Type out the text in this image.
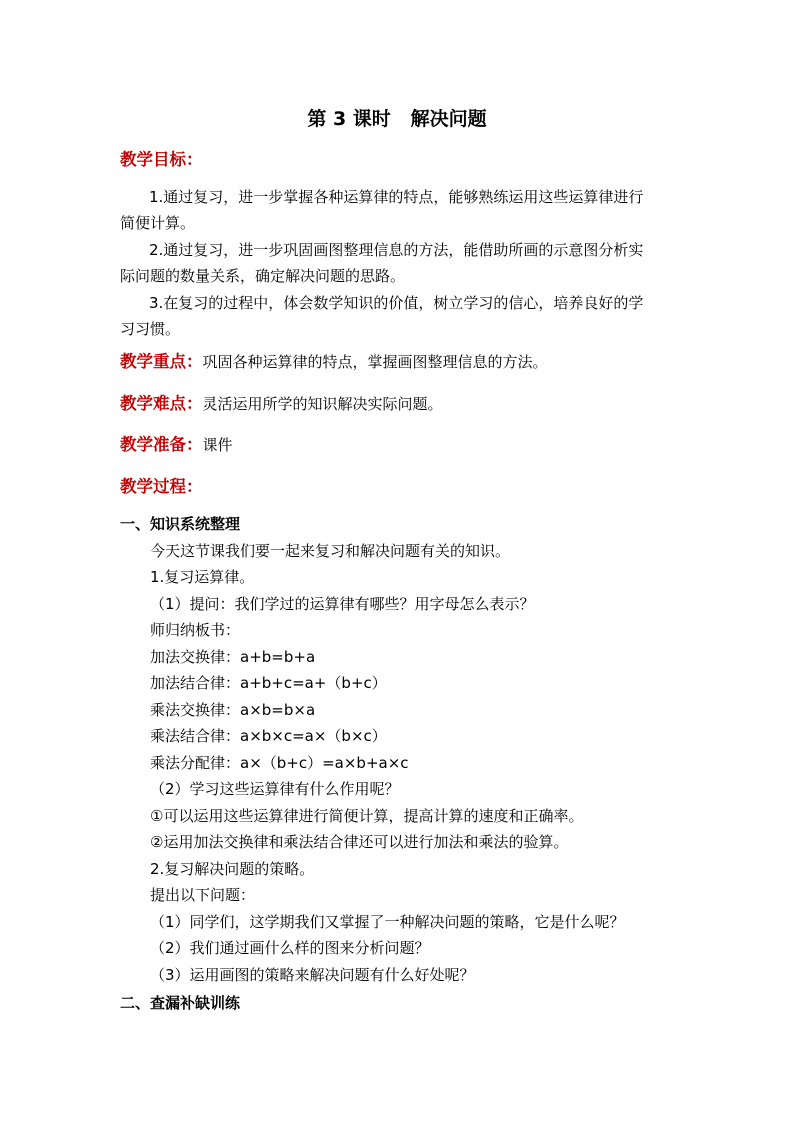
第 3 课时   解决问题
教学目标：
1.通过复习，进一步掌握各种运算律的特点，能够熟练运用这些运算律进行
简便计算。
2.通过复习，进一步巩固画图整理信息的方法，能借助所画的示意图分析实
际问题的数量关系，确定解决问题的思路。
3.在复习的过程中，体会数学知识的价值，树立学习的信心，培养良好的学
习习惯。
教学重点：巩固各种运算律的特点，掌握画图整理信息的方法。
教学难点：灵活运用所学的知识解决实际问题。
教学准备：课件
教学过程：
一、知识系统整理
今天这节课我们要一起来复习和解决问题有关的知识。
1.复习运算律。
（1）提问：我们学过的运算律有哪些？用字母怎么表示？
师归纳板书：
加法交换律：a+b=b+a
加法结合律：a+b+c=a+（b+c）
乘法交换律：a×b=b×a
乘法结合律：a×b×c=a×（b×c）
乘法分配律：a×（b+c）=a×b+a×c
（2）学习这些运算律有什么作用呢？
①可以运用这些运算律进行简便计算，提高计算的速度和正确率。
②运用加法交换律和乘法结合律还可以进行加法和乘法的验算。
2.复习解决问题的策略。
提出以下问题：
（1）同学们，这学期我们又掌握了一种解决问题的策略，它是什么呢？
（2）我们通过画什么样的图来分析问题？
（3）运用画图的策略来解决问题有什么好处呢？
二、查漏补缺训练
